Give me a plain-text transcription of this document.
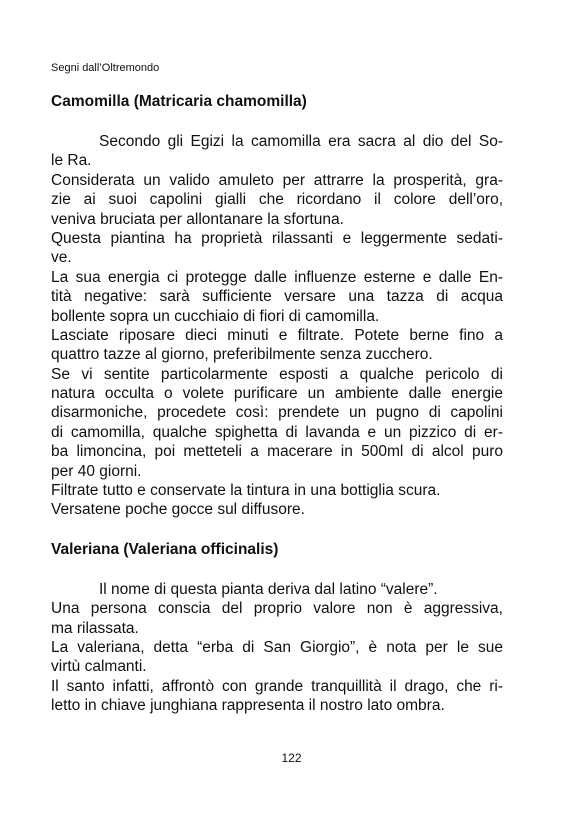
Segni dall’Oltremondo
Camomilla (Matricaria chamomilla)
Secondo gli Egizi la camomilla era sacra al dio del So-
le Ra.
Considerata un valido amuleto per attrarre la prosperità, gra-
zie ai suoi capolini gialli che ricordano il colore dell’oro,
veniva bruciata per allontanare la sfortuna.
Questa piantina ha proprietà rilassanti e leggermente sedati-
ve.
La sua energia ci protegge dalle influenze esterne e dalle En-
tità negative: sarà sufficiente versare una tazza di acqua
bollente sopra un cucchiaio di fiori di camomilla.
Lasciate riposare dieci minuti e filtrate. Potete berne fino a
quattro tazze al giorno, preferibilmente senza zucchero.
Se vi sentite particolarmente esposti a qualche pericolo di
natura occulta o volete purificare un ambiente dalle energie
disarmoniche, procedete così: prendete un pugno di capolini
di camomilla, qualche spighetta di lavanda e un pizzico di er-
ba limoncina, poi metteteli a macerare in 500ml di alcol puro
per 40 giorni.
Filtrate tutto e conservate la tintura in una bottiglia scura.
Versatene poche gocce sul diffusore.
Valeriana (Valeriana officinalis)
Il nome di questa pianta deriva dal latino “valere”.
Una persona conscia del proprio valore non è aggressiva,
ma rilassata.
La valeriana, detta “erba di San Giorgio”, è nota per le sue
virtù calmanti.
Il santo infatti, affrontò con grande tranquillità il drago, che ri-
letto in chiave junghiana rappresenta il nostro lato ombra.
122
